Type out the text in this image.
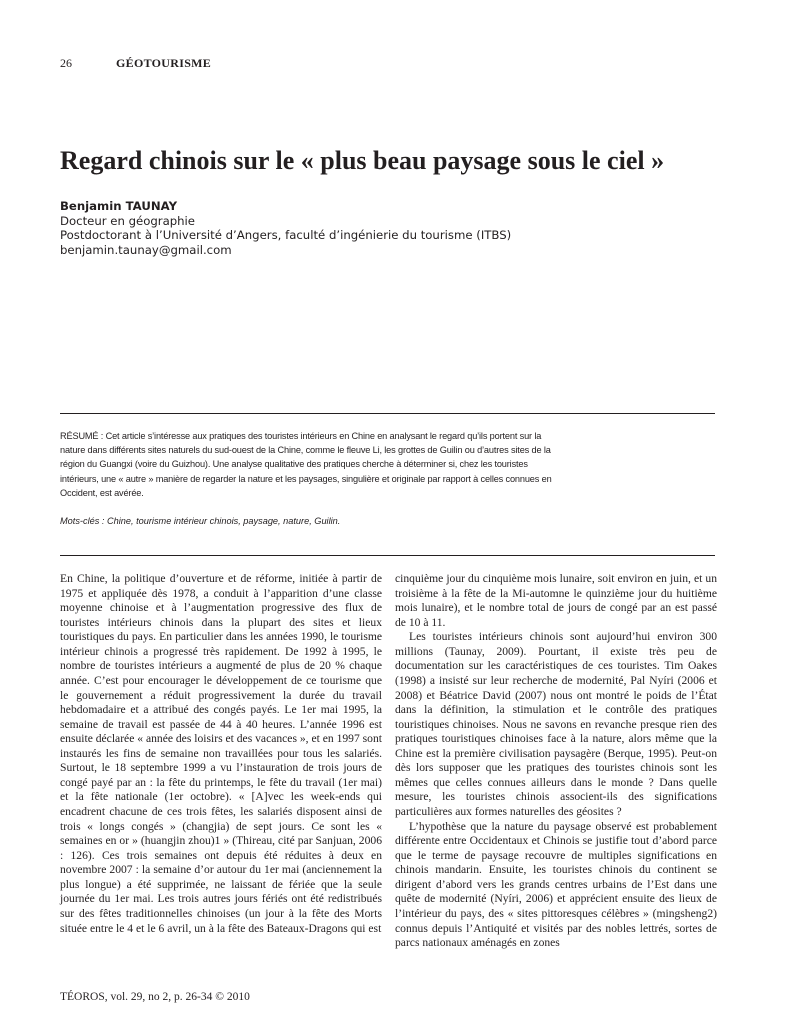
26	GÉOTOURISME
Regard chinois sur le « plus beau paysage sous le ciel »
Benjamin TAUNAY
Docteur en géographie
Postdoctorant à l’Université d’Angers, faculté d’ingénierie du tourisme (ITBS)
benjamin.taunay@gmail.com
RÉSUMÉ : Cet article s’intéresse aux pratiques des touristes intérieurs en Chine en analysant le regard qu’ils portent sur la nature dans différents sites naturels du sud-ouest de la Chine, comme le fleuve Li, les grottes de Guilin ou d’autres sites de la région du Guangxi (voire du Guizhou). Une analyse qualitative des pratiques cherche à déterminer si, chez les touristes intérieurs, une « autre » manière de regarder la nature et les paysages, singulière et originale par rapport à celles connues en Occident, est avérée.
Mots-clés : Chine, tourisme intérieur chinois, paysage, nature, Guilin.

En Chine, la politique d’ouverture et de réforme, initiée à partir de 1975 et appliquée dès 1978, a conduit à l’apparition d’une classe moyenne chinoise et à l’augmentation progressive des flux de touristes intérieurs chinois dans la plupart des sites et lieux touristiques du pays. En particulier dans les années 1990, le tourisme intérieur chinois a progressé très rapidement. De 1992 à 1995, le nombre de touristes intérieurs a augmenté de plus de 20 % chaque année. C’est pour encourager le développement de ce tourisme que le gouvernement a réduit progressivement la durée du travail hebdomadaire et a attribué des congés payés. Le 1er mai 1995, la semaine de travail est passée de 44 à 40 heures. L’année 1996 est ensuite déclarée « année des loisirs et des vacances », et en 1997 sont instaurés les fins de semaine non travaillées pour tous les salariés. Surtout, le 18 septembre 1999 a vu l’instauration de trois jours de congé payé par an : la fête du printemps, le fête du travail (1er mai) et la fête nationale (1er octobre). « [A]vec les week-ends qui encadrent chacune de ces trois fêtes, les salariés disposent ainsi de trois « longs congés » (changjia) de sept jours. Ce sont les « semaines en or » (huangjin zhou)1 » (Thireau, cité par Sanjuan, 2006 : 126). Ces trois semaines ont depuis été réduites à deux en novembre 2007 : la semaine d’or autour du 1er mai (anciennement la plus longue) a été supprimée, ne laissant de fériée que la seule journée du 1er mai. Les trois autres jours fériés ont été redistribués sur des fêtes traditionnelles chinoises (un jour à la fête des Morts située entre le 4 et le 6 avril, un à la fête des Bateaux-Dragons qui est

cinquième jour du cinquième mois lunaire, soit environ en juin, et un troisième à la fête de la Mi-automne le quinzième jour du huitième mois lunaire), et le nombre total de jours de congé par an est passé de 10 à 11.

Les touristes intérieurs chinois sont aujourd’hui environ 300 millions (Taunay, 2009). Pourtant, il existe très peu de documentation sur les caractéristiques de ces touristes. Tim Oakes (1998) a insisté sur leur recherche de modernité, Pal Nyíri (2006 et 2008) et Béatrice David (2007) nous ont montré le poids de l’État dans la définition, la stimulation et le contrôle des pratiques touristiques chinoises. Nous ne savons en revanche presque rien des pratiques touristiques chinoises face à la nature, alors même que la Chine est la première civilisation paysagère (Berque, 1995). Peut-on dès lors supposer que les pratiques des touristes chinois sont les mêmes que celles connues ailleurs dans le monde ? Dans quelle mesure, les touristes chinois associent-ils des significations particulières aux formes naturelles des géosites ?

L’hypothèse que la nature du paysage observé est probablement différente entre Occidentaux et Chinois se justifie tout d’abord parce que le terme de paysage recouvre de multiples significations en chinois mandarin. Ensuite, les touristes chinois du continent se dirigent d’abord vers les grands centres urbains de l’Est dans une quête de modernité (Nyíri, 2006) et apprécient ensuite des lieux de l’intérieur du pays, des « sites pittoresques célèbres » (mingsheng2) connus depuis l’Antiquité et visités par des nobles lettrés, sortes de parcs nationaux aménagés en zones

TÉOROS, vol. 29, no 2, p. 26-34 © 2010
